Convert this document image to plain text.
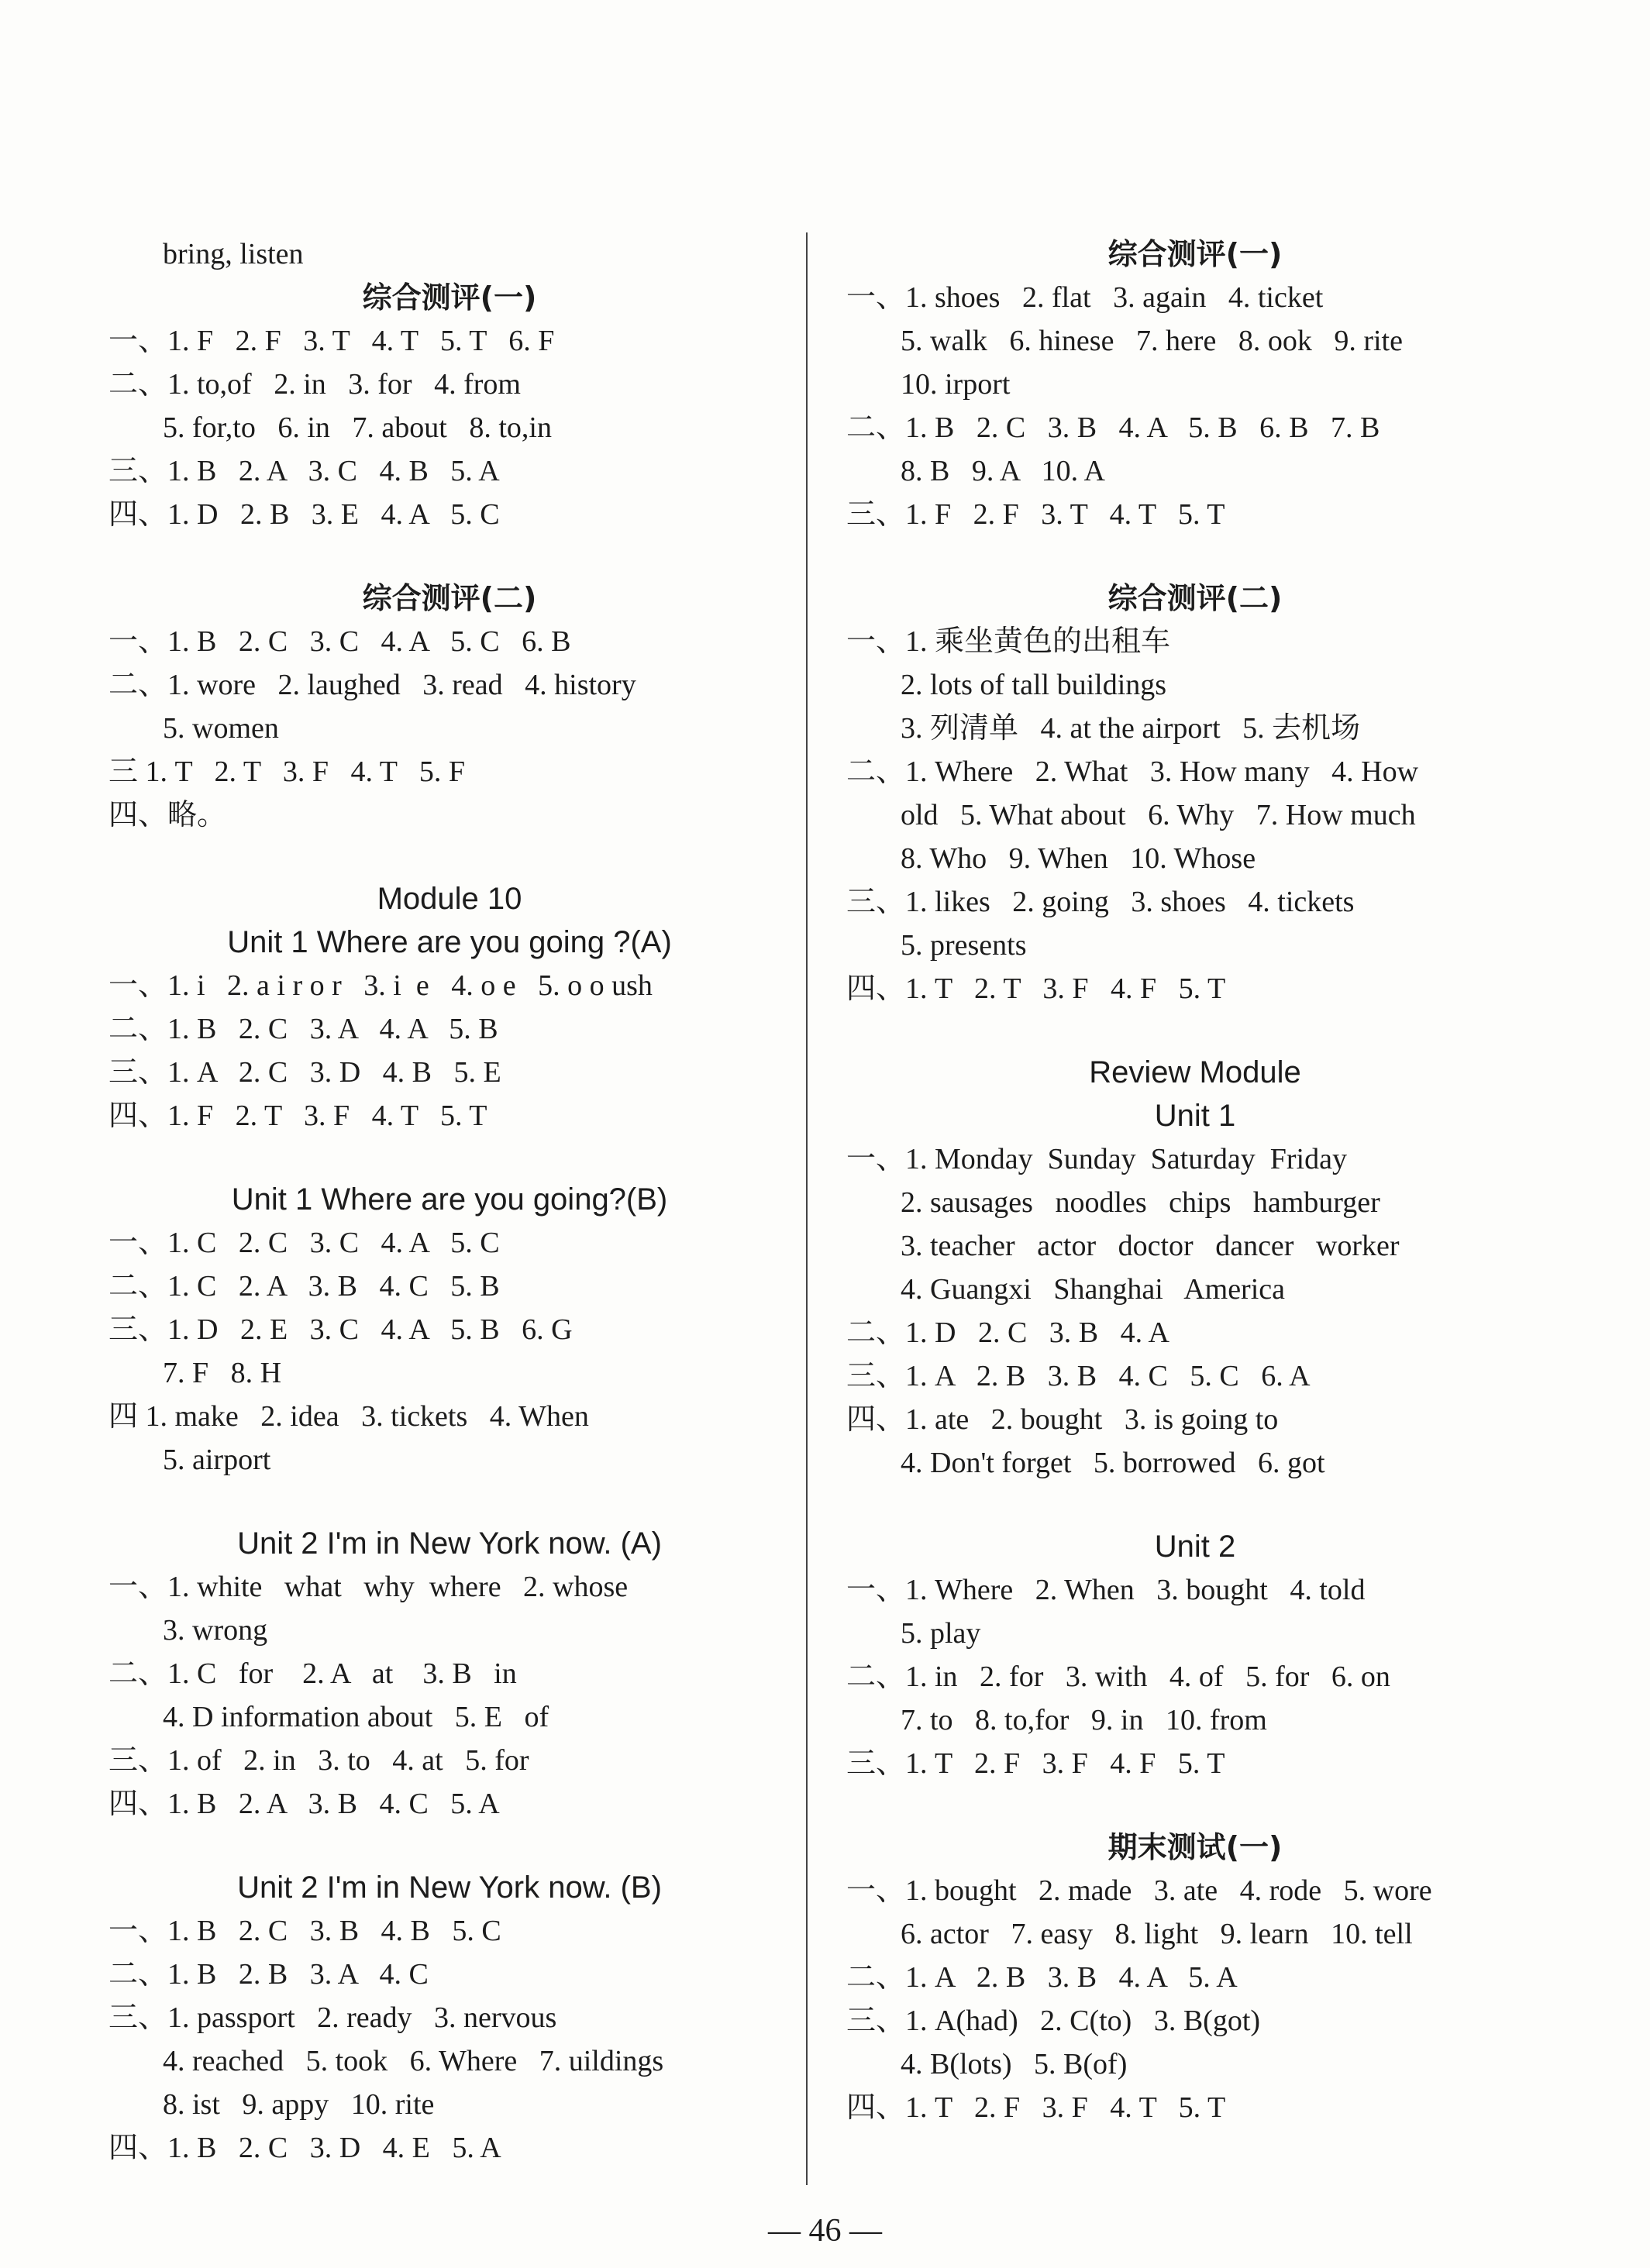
bring, listen
综合测评(一)
一、1. F   2. F   3. T   4. T   5. T   6. F
二、1. to,of   2. in   3. for   4. from
5. for,to   6. in   7. about   8. to,in
三、1. B   2. A   3. C   4. B   5. A
四、1. D   2. B   3. E   4. A   5. C
综合测评(二)
一、1. B   2. C   3. C   4. A   5. C   6. B
二、1. wore   2. laughed   3. read   4. history
5. women
三 1. T   2. T   3. F   4. T   5. F
四、略。
Module 10
Unit 1 Where are you going ?(A)
一、1. i   2. a i r o r   3. i  e   4. o e   5. o o ush
二、1. B   2. C   3. A   4. A   5. B
三、1. A   2. C   3. D   4. B   5. E
四、1. F   2. T   3. F   4. T   5. T
Unit 1 Where are you going?(B)
一、1. C   2. C   3. C   4. A   5. C
二、1. C   2. A   3. B   4. C   5. B
三、1. D   2. E   3. C   4. A   5. B   6. G
7. F   8. H
四 1. make   2. idea   3. tickets   4. When
5. airport
Unit 2 I'm in New York now. (A)
一、1. white   what   why  where   2. whose
3. wrong
二、1. C   for    2. A   at    3. B   in
4. D information about   5. E   of
三、1. of   2. in   3. to   4. at   5. for
四、1. B   2. A   3. B   4. C   5. A
Unit 2 I'm in New York now. (B)
一、1. B   2. C   3. B   4. B   5. C
二、1. B   2. B   3. A   4. C
三、1. passport   2. ready   3. nervous
4. reached   5. took   6. Where   7. uildings
8. ist   9. appy   10. rite
四、1. B   2. C   3. D   4. E   5. A
综合测评(一)
一、1. shoes   2. flat   3. again   4. ticket
5. walk   6. hinese   7. here   8. ook   9. rite
10. irport
二、1. B   2. C   3. B   4. A   5. B   6. B   7. B
8. B   9. A   10. A
三、1. F   2. F   3. T   4. T   5. T
综合测评(二)
一、1. 乘坐黄色的出租车
2. lots of tall buildings
3. 列清单   4. at the airport   5. 去机场
二、1. Where   2. What   3. How many   4. How
old   5. What about   6. Why   7. How much
8. Who   9. When   10. Whose
三、1. likes   2. going   3. shoes   4. tickets
5. presents
四、1. T   2. T   3. F   4. F   5. T
Review Module
Unit 1
一、1. Monday  Sunday  Saturday  Friday
2. sausages   noodles   chips   hamburger
3. teacher   actor   doctor   dancer   worker
4. Guangxi   Shanghai   America
二、1. D   2. C   3. B   4. A
三、1. A   2. B   3. B   4. C   5. C   6. A
四、1. ate   2. bought   3. is going to
4. Don't forget   5. borrowed   6. got
Unit 2
一、1. Where   2. When   3. bought   4. told
5. play
二、1. in   2. for   3. with   4. of   5. for   6. on
7. to   8. to,for   9. in   10. from
三、1. T   2. F   3. F   4. F   5. T
期末测试(一)
一、1. bought   2. made   3. ate   4. rode   5. wore
6. actor   7. easy   8. light   9. learn   10. tell
二、1. A   2. B   3. B   4. A   5. A
三、1. A(had)   2. C(to)   3. B(got)
4. B(lots)   5. B(of)
四、1. T   2. F   3. F   4. T   5. T
— 46 —
